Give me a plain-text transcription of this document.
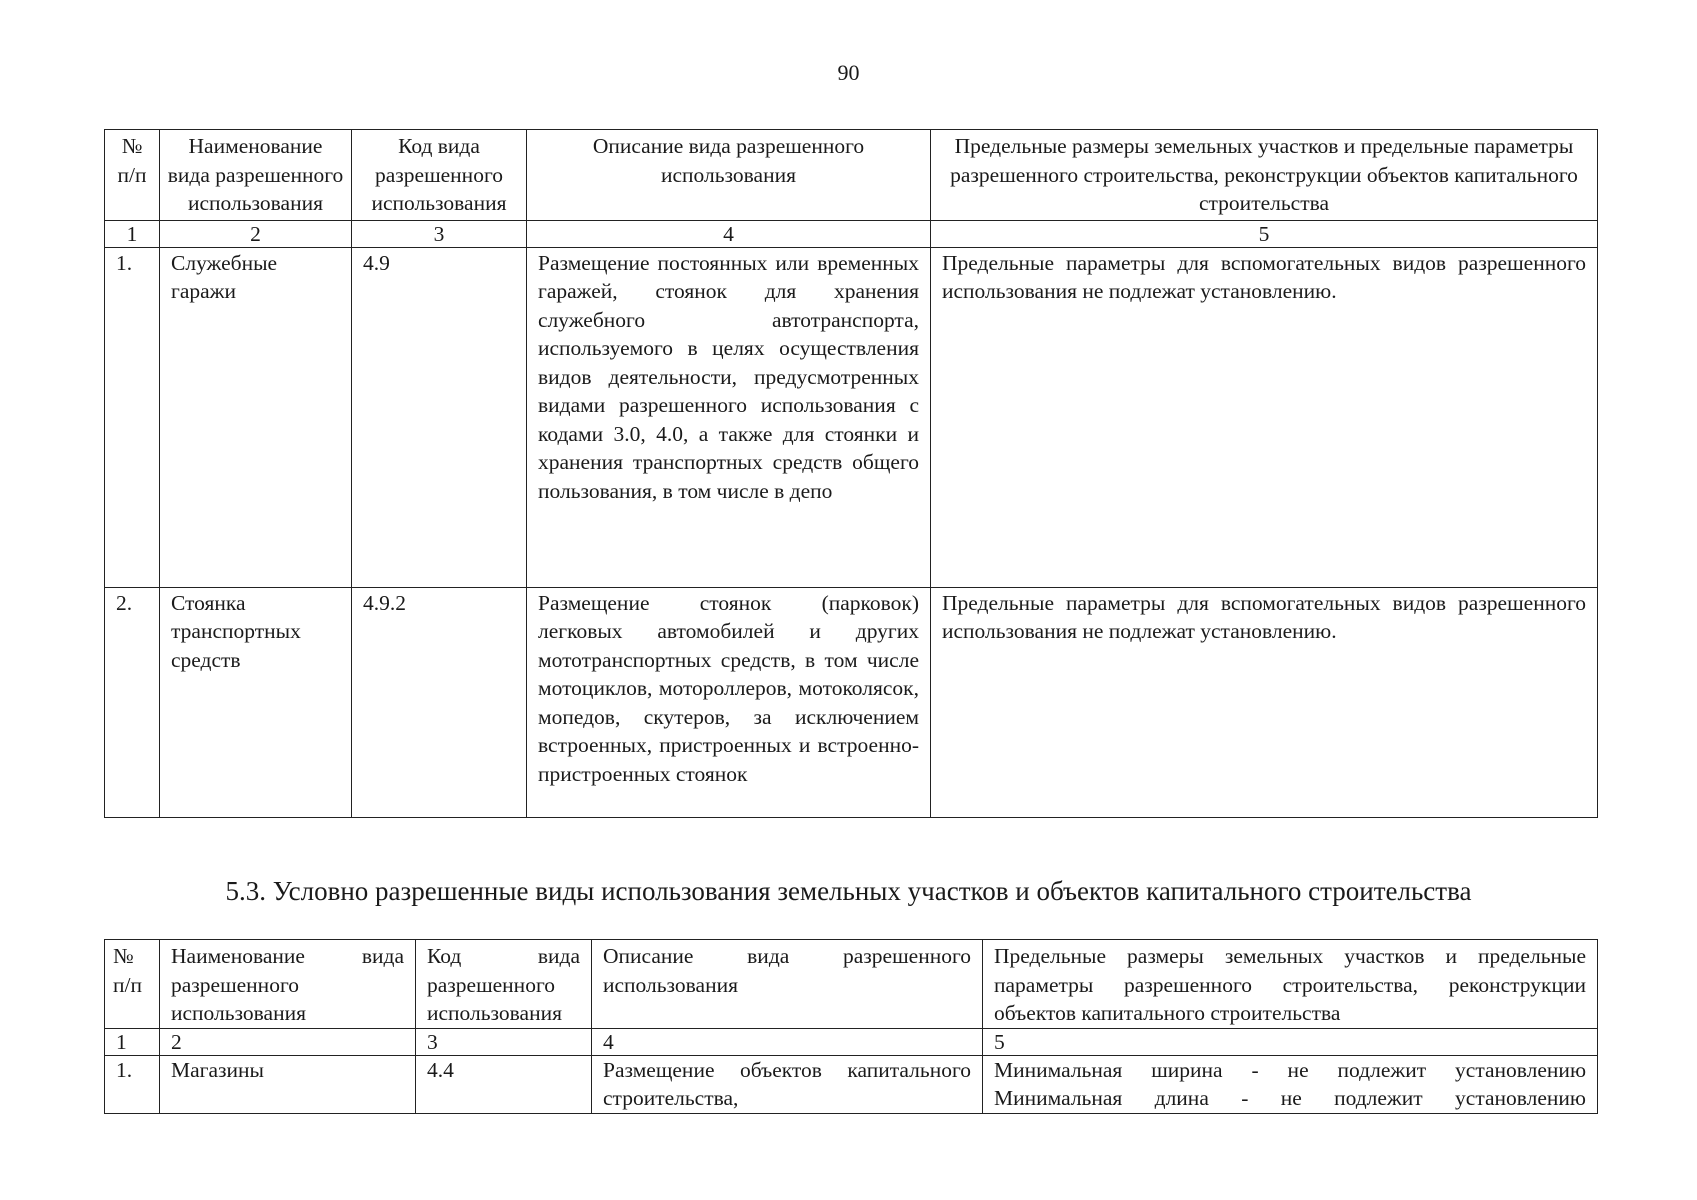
90
№ п/п	Наименование вида разрешенного использования	Код вида разрешенного использования	Описание вида разрешенного использования	Предельные размеры земельных участков и предельные параметры разрешенного строительства, реконструкции объектов капитального строительства
1	2	3	4	5
1.	Служебные гаражи	4.9	Размещение постоянных или временных гаражей, стоянок для хранения служебного автотранспорта, используемого в целях осуществления видов деятельности, предусмотренных видами разрешенного использования с кодами 3.0, 4.0, а также для стоянки и хранения транспортных средств общего пользования, в том числе в депо	Предельные параметры для вспомогательных видов разрешенного использования не подлежат установлению.
2.	Стоянка транспортных средств	4.9.2	Размещение стоянок (парковок) легковых автомобилей и других мототранспортных средств, в том числе мотоциклов, мотороллеров, мотоколясок, мопедов, скутеров, за исключением встроенных, пристроенных и встроенно-пристроенных стоянок	Предельные параметры для вспомогательных видов разрешенного использования не подлежат установлению.
5.3. Условно разрешенные виды использования земельных участков и объектов капитального строительства
№ п/п	Наименование вида разрешенного использования	Код вида разрешенного использования	Описание вида разрешенного использования	Предельные размеры земельных участков и предельные параметры разрешенного строительства, реконструкции объектов капитального строительства
1	2	3	4	5
1.	Магазины	4.4	Размещение объектов капитального строительства,	Минимальная ширина - не подлежит установлению
Минимальная длина - не подлежит установлению
